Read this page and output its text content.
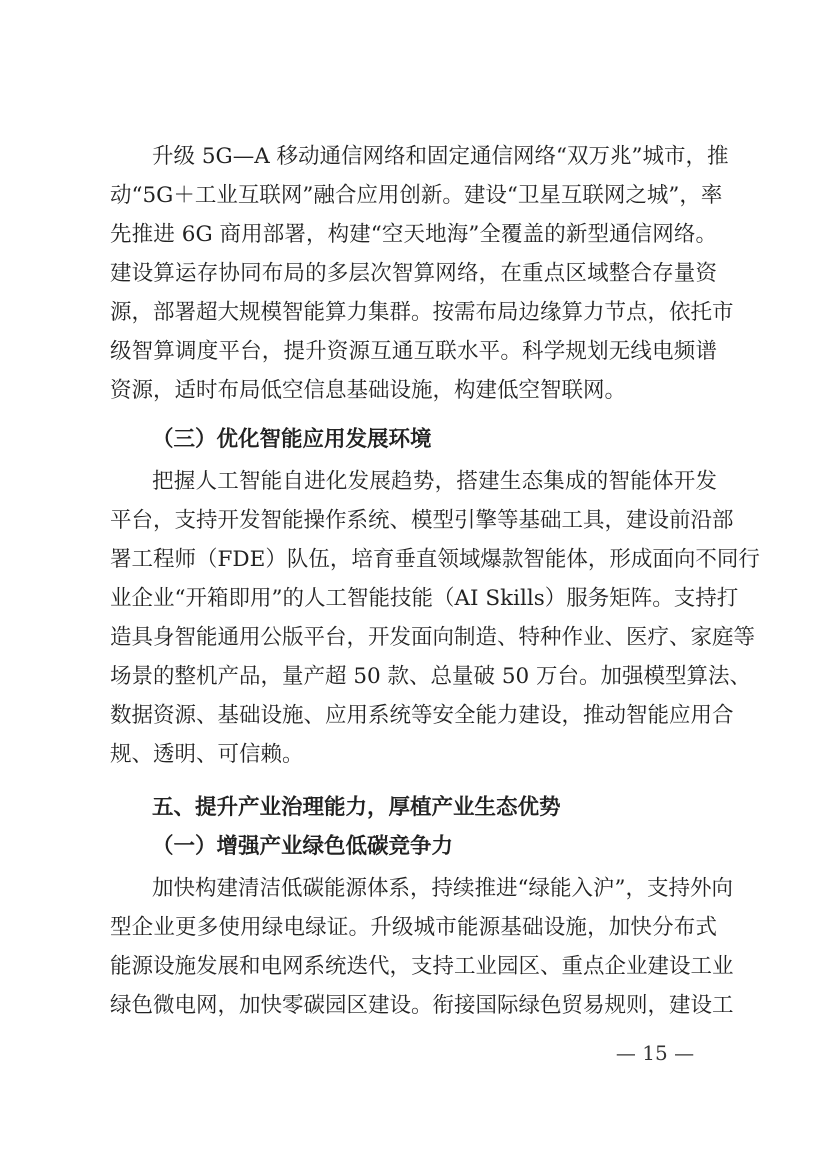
升级 5G—A 移动通信网络和固定通信网络“双万兆”城市，推
动“5G＋工业互联网”融合应用创新。建设“卫星互联网之城”，率
先推进 6G 商用部署，构建“空天地海”全覆盖的新型通信网络。
建设算运存协同布局的多层次智算网络，在重点区域整合存量资
源，部署超大规模智能算力集群。按需布局边缘算力节点，依托市
级智算调度平台，提升资源互通互联水平。科学规划无线电频谱
资源，适时布局低空信息基础设施，构建低空智联网。
（三）优化智能应用发展环境
把握人工智能自进化发展趋势，搭建生态集成的智能体开发
平台，支持开发智能操作系统、模型引擎等基础工具，建设前沿部
署工程师（FDE）队伍，培育垂直领域爆款智能体，形成面向不同行
业企业“开箱即用”的人工智能技能（AI Skills）服务矩阵。支持打
造具身智能通用公版平台，开发面向制造、特种作业、医疗、家庭等
场景的整机产品，量产超 50 款、总量破 50 万台。加强模型算法、
数据资源、基础设施、应用系统等安全能力建设，推动智能应用合
规、透明、可信赖。
五、提升产业治理能力，厚植产业生态优势
（一）增强产业绿色低碳竞争力
加快构建清洁低碳能源体系，持续推进“绿能入沪”，支持外向
型企业更多使用绿电绿证。升级城市能源基础设施，加快分布式
能源设施发展和电网系统迭代，支持工业园区、重点企业建设工业
绿色微电网，加快零碳园区建设。衔接国际绿色贸易规则，建设工
— 15 —
